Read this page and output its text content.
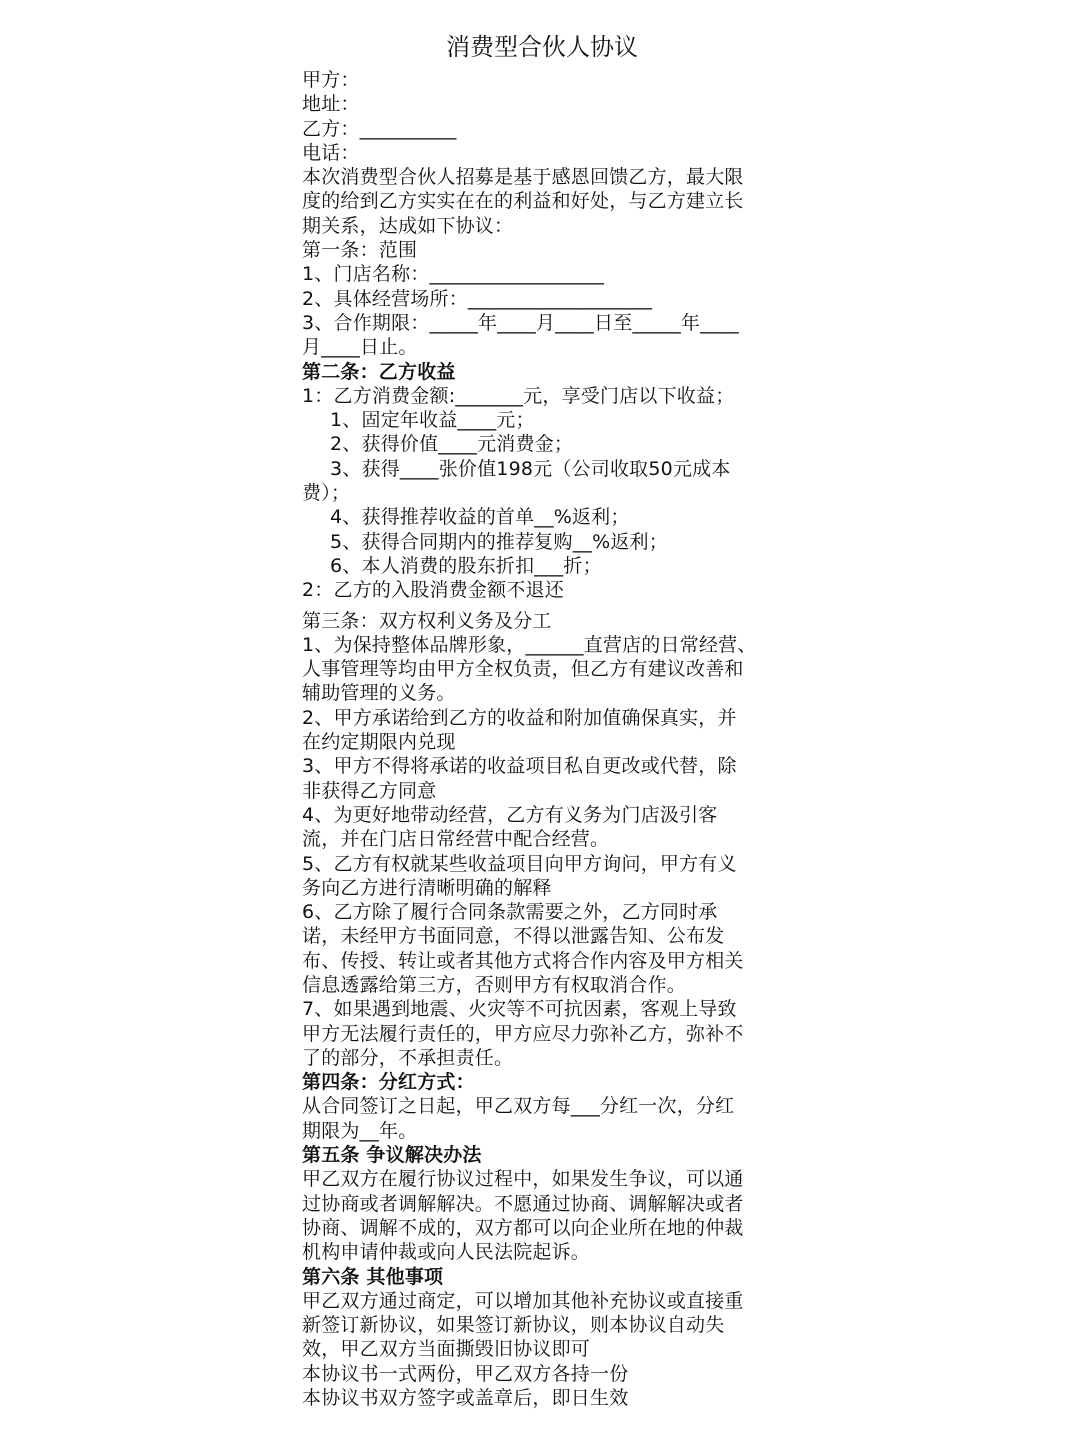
消费型合伙人协议

甲方：

地址：

乙方：__________

电话：

本次消费型合伙人招募是基于感恩回馈乙方，最大限

度的给到乙方实实在在的利益和好处，与乙方建立长

期关系，达成如下协议：

第一条：范围

1、门店名称：__________________

2、具体经营场所：___________________

3、合作期限：_____年____月____日至_____年____

月____日止。

第二条：乙方收益

1：乙方消费金额:_______元，享受门店以下收益；

1、固定年收益____元；

2、获得价值____元消费金；

3、获得____张价值198元（公司收取50元成本

费）；

4、获得推荐收益的首单__%返利；

5、获得合同期内的推荐复购__%返利；

6、本人消费的股东折扣___折；

2：乙方的入股消费金额不退还

第三条：双方权利义务及分工

1、为保持整体品牌形象，______直营店的日常经营、

人事管理等均由甲方全权负责，但乙方有建议改善和

辅助管理的义务。

2、甲方承诺给到乙方的收益和附加值确保真实，并

在约定期限内兑现

3、甲方不得将承诺的收益项目私自更改或代替，除

非获得乙方同意

4、为更好地带动经营，乙方有义务为门店汲引客

流，并在门店日常经营中配合经营。

5、乙方有权就某些收益项目向甲方询问，甲方有义

务向乙方进行清晰明确的解释

6、乙方除了履行合同条款需要之外，乙方同时承

诺，未经甲方书面同意，不得以泄露告知、公布发

布、传授、转让或者其他方式将合作内容及甲方相关

信息透露给第三方，否则甲方有权取消合作。

7、如果遇到地震、火灾等不可抗因素，客观上导致

甲方无法履行责任的，甲方应尽力弥补乙方，弥补不

了的部分，不承担责任。

第四条：分红方式：

从合同签订之日起，甲乙双方每___分红一次，分红

期限为__年。

第五条 争议解决办法

甲乙双方在履行协议过程中，如果发生争议，可以通

过协商或者调解解决。不愿通过协商、调解解决或者

协商、调解不成的，双方都可以向企业所在地的仲裁

机构申请仲裁或向人民法院起诉。

第六条 其他事项

甲乙双方通过商定，可以增加其他补充协议或直接重

新签订新协议，如果签订新协议，则本协议自动失

效，甲乙双方当面撕毁旧协议即可

本协议书一式两份，甲乙双方各持一份

本协议书双方签字或盖章后，即日生效
